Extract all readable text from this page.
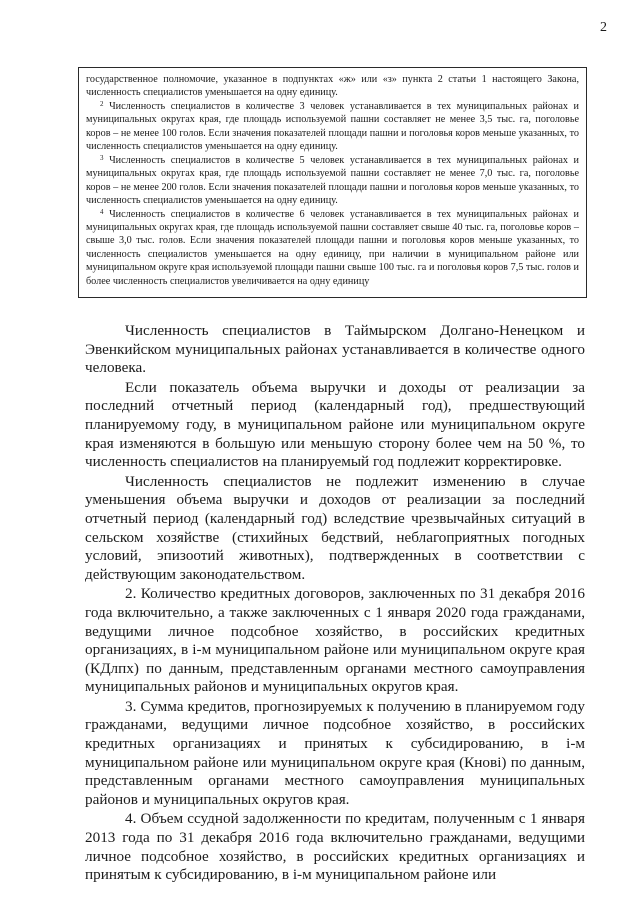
2

государственное полномочие, указанное в подпунктах «ж» или «з» пункта 2 статьи 1 настоящего Закона, численность специалистов уменьшается на одну единицу.

$^2$ Численность специалистов в количестве 3 человек устанавливается в тех муниципальных районах и муниципальных округах края, где площадь используемой пашни составляет не менее 3,5 тыс. га, поголовье коров – не менее 100 голов. Если значения показателей площади пашни и поголовья коров меньше указанных, то численность специалистов уменьшается на одну единицу.

$^3$ Численность специалистов в количестве 5 человек устанавливается в тех муниципальных районах и муниципальных округах края, где площадь используемой пашни составляет не менее 7,0 тыс. га, поголовье коров – не менее 200 голов. Если значения показателей площади пашни и поголовья коров меньше указанных, то численность специалистов уменьшается на одну единицу.

$^4$ Численность специалистов в количестве 6 человек устанавливается в тех муниципальных районах и муниципальных округах края, где площадь используемой пашни составляет свыше 40 тыс. га, поголовье коров – свыше 3,0 тыс. голов. Если значения показателей площади пашни и поголовья коров меньше указанных, то численность специалистов уменьшается на одну единицу, при наличии в муниципальном районе или муниципальном округе края используемой площади пашни свыше 100 тыс. га и поголовья коров 7,5 тыс. голов и более численность специалистов увеличивается на одну единицу

Численность специалистов в Таймырском Долгано-Ненецком и Эвенкийском муниципальных районах устанавливается в количестве одного человека.

Если показатель объема выручки и доходы от реализации за последний отчетный период (календарный год), предшествующий планируемому году, в муниципальном районе или муниципальном округе края изменяются в большую или меньшую сторону более чем на 50 %, то численность специалистов на планируемый год подлежит корректировке.

Численность специалистов не подлежит изменению в случае уменьшения объема выручки и доходов от реализации за последний отчетный период (календарный год) вследствие чрезвычайных ситуаций в сельском хозяйстве (стихийных бедствий, неблагоприятных погодных условий, эпизоотий животных), подтвержденных в соответствии с действующим законодательством.

2. Количество кредитных договоров, заключенных по 31 декабря 2016 года включительно, а также заключенных с 1 января 2020 года гражданами, ведущими личное подсобное хозяйство, в российских кредитных организациях, в i-м муниципальном районе или муниципальном округе края (КДлпх) по данным, представленным органами местного самоуправления муниципальных районов и муниципальных округов края.

3. Сумма кредитов, прогнозируемых к получению в планируемом году гражданами, ведущими личное подсобное хозяйство, в российских кредитных организациях и принятых к субсидированию, в i-м муниципальном районе или муниципальном округе края (Кнові) по данным, представленным органами местного самоуправления муниципальных районов и муниципальных округов края.

4. Объем ссудной задолженности по кредитам, полученным с 1 января 2013 года по 31 декабря 2016 года включительно гражданами, ведущими личное подсобное хозяйство, в российских кредитных организациях и принятым к субсидированию, в i-м муниципальном районе или
